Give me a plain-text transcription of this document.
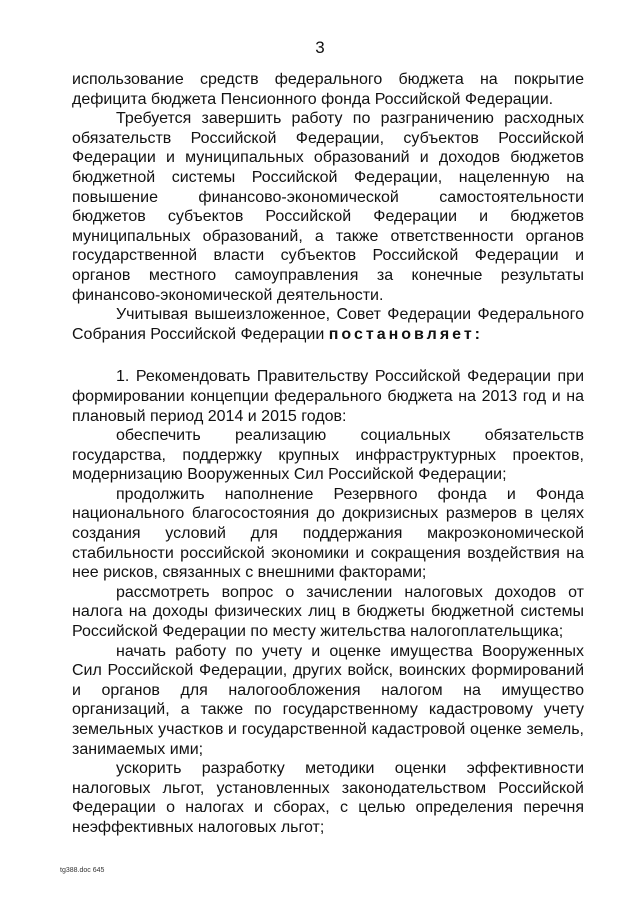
3

использование средств федерального бюджета на покрытие дефицита бюджета Пенсионного фонда Российской Федерации.

Требуется завершить работу по разграничению расходных обязательств Российской Федерации, субъектов Российской Федерации и муниципальных образований и доходов бюджетов бюджетной системы Российской Федерации, нацеленную на повышение финансово-экономической самостоятельности бюджетов субъектов Российской Федерации и бюджетов муниципальных образований, а также ответственности органов государственной власти субъектов Российской Федерации и органов местного самоуправления за конечные результаты финансово-экономической деятельности.

Учитывая вышеизложенное, Совет Федерации Федерального Собрания Российской Федерации постановляет:

1. Рекомендовать Правительству Российской Федерации при формировании концепции федерального бюджета на 2013 год и на плановый период 2014 и 2015 годов:

обеспечить реализацию социальных обязательств государства, поддержку крупных инфраструктурных проектов, модернизацию Вооруженных Сил Российской Федерации;

продолжить наполнение Резервного фонда и Фонда национального благосостояния до докризисных размеров в целях создания условий для поддержания макроэкономической стабильности российской экономики и сокращения воздействия на нее рисков, связанных с внешними факторами;

рассмотреть вопрос о зачислении налоговых доходов от налога на доходы физических лиц в бюджеты бюджетной системы Российской Федерации по месту жительства налогоплательщика;

начать работу по учету и оценке имущества Вооруженных Сил Российской Федерации, других войск, воинских формирований и органов для налогообложения налогом на имущество организаций, а также по государственному кадастровому учету земельных участков и государственной кадастровой оценке земель, занимаемых ими;

ускорить разработку методики оценки эффективности налоговых льгот, установленных законодательством Российской Федерации о налогах и сборах, с целью определения перечня неэффективных налоговых льгот;

tg388.doc 645
